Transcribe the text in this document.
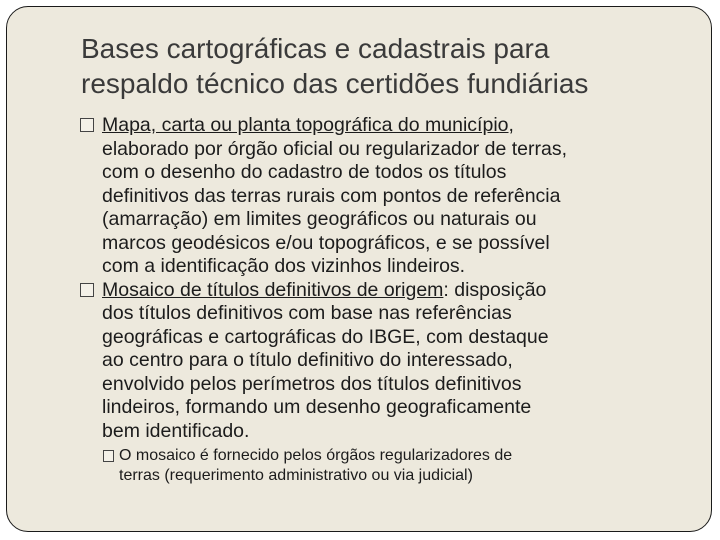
Bases cartográficas e cadastrais para
respaldo técnico das certidões fundiárias
Mapa, carta ou planta topográfica do município,
elaborado por órgão oficial ou regularizador de terras,
com o desenho do cadastro de todos os títulos
definitivos das terras rurais com pontos de referência
(amarração) em limites geográficos ou naturais ou
marcos geodésicos e/ou topográficos, e se possível
com a identificação dos vizinhos lindeiros.
Mosaico de títulos definitivos de origem: disposição
dos títulos definitivos com base nas referências
geográficas e cartográficas do IBGE, com destaque
ao centro para o título definitivo do interessado,
envolvido pelos perímetros dos títulos definitivos
lindeiros, formando um desenho geograficamente
bem identificado.
O mosaico é fornecido pelos órgãos regularizadores de
terras (requerimento administrativo ou via judicial)
